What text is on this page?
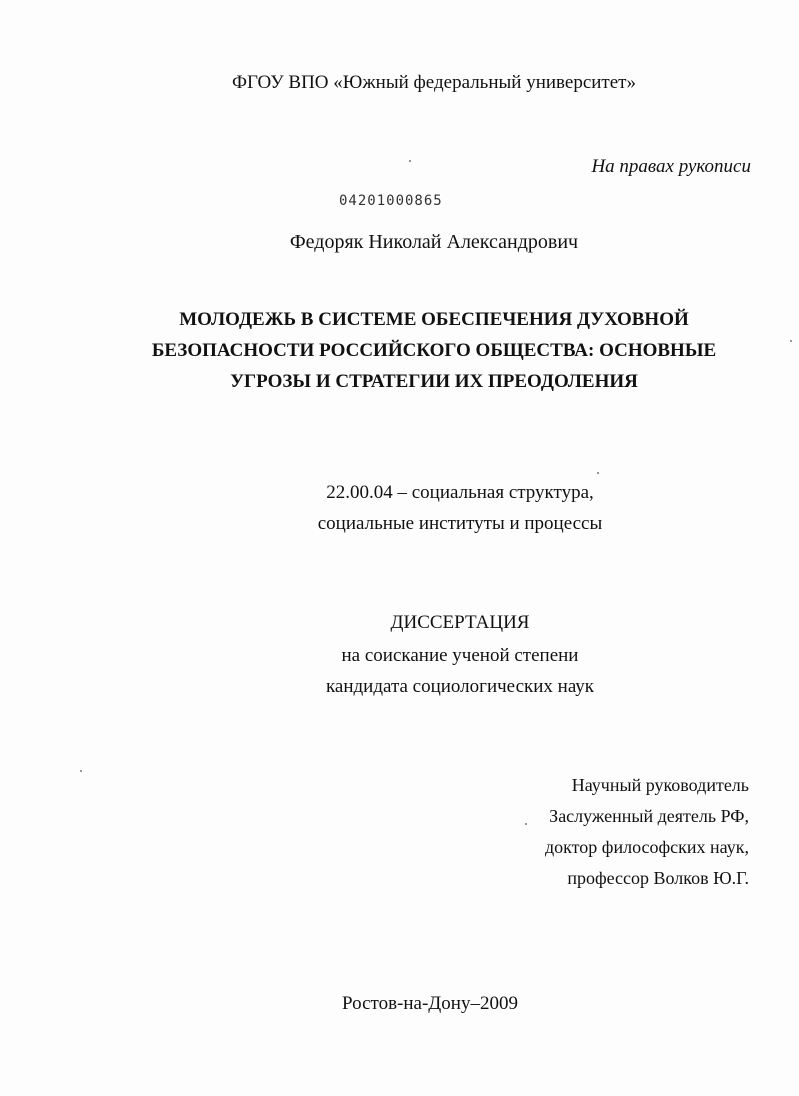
ФГОУ ВПО «Южный федеральный университет»
На правах рукописи
04201000865
Федоряк Николай Александрович
МОЛОДЕЖЬ В СИСТЕМЕ ОБЕСПЕЧЕНИЯ ДУХОВНОЙ
БЕЗОПАСНОСТИ РОССИЙСКОГО ОБЩЕСТВА: ОСНОВНЫЕ
УГРОЗЫ И СТРАТЕГИИ ИХ ПРЕОДОЛЕНИЯ
22.00.04 – социальная структура,
социальные институты и процессы
ДИССЕРТАЦИЯ
на соискание ученой степени
кандидата социологических наук
Научный руководитель
Заслуженный деятель РФ,
доктор философских наук,
профессор Волков Ю.Г.
Ростов-на-Дону–2009
